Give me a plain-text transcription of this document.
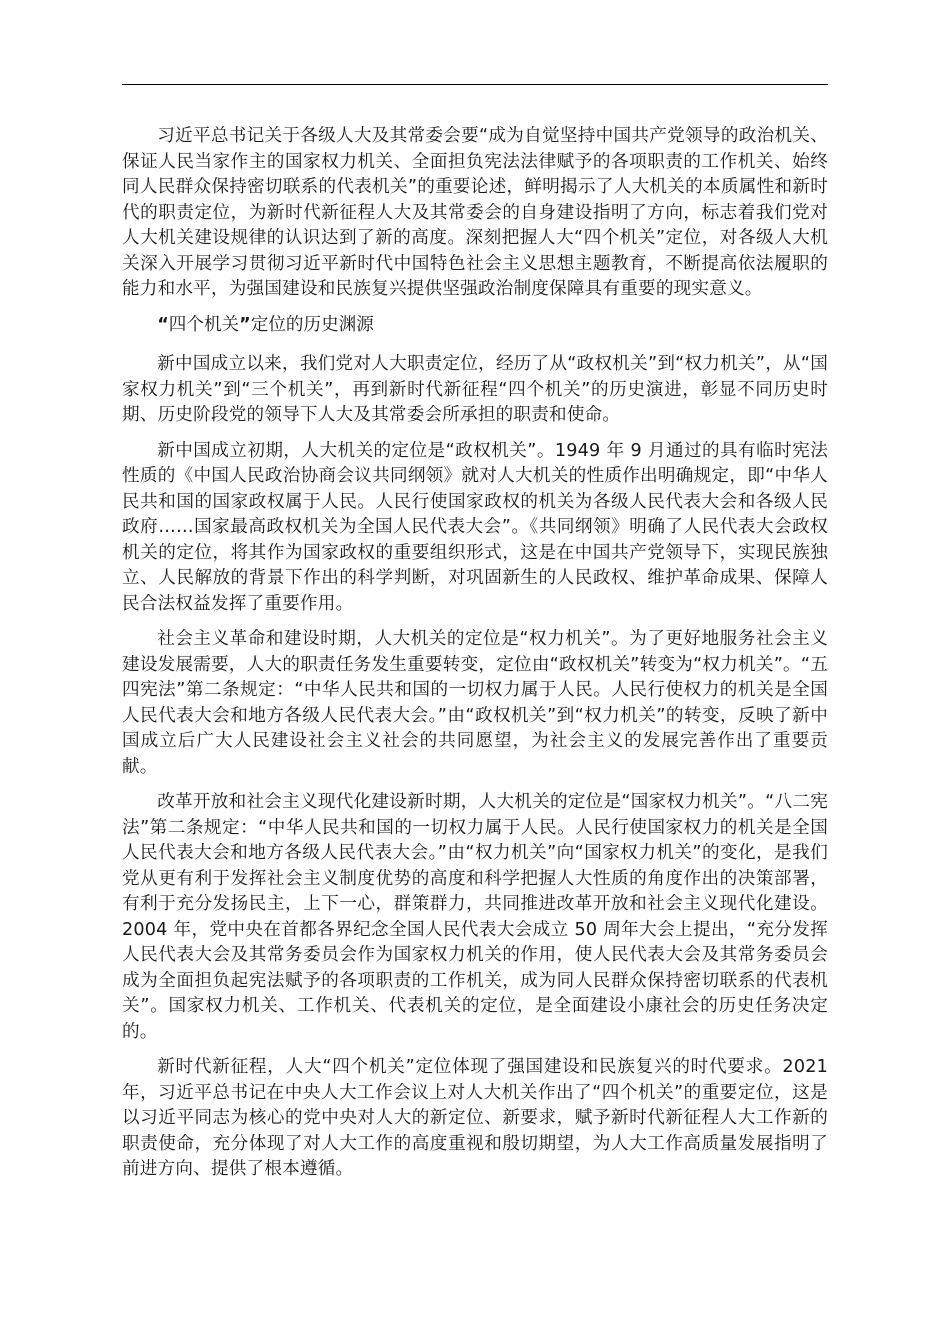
习近平总书记关于各级人大及其常委会要“成为自觉坚持中国共产党领导的政治机关、保证人民当家作主的国家权力机关、全面担负宪法法律赋予的各项职责的工作机关、始终同人民群众保持密切联系的代表机关”的重要论述，鲜明揭示了人大机关的本质属性和新时代的职责定位，为新时代新征程人大及其常委会的自身建设指明了方向，标志着我们党对人大机关建设规律的认识达到了新的高度。深刻把握人大“四个机关”定位，对各级人大机关深入开展学习贯彻习近平新时代中国特色社会主义思想主题教育，不断提高依法履职的能力和水平，为强国建设和民族复兴提供坚强政治制度保障具有重要的现实意义。

“四个机关”定位的历史渊源

新中国成立以来，我们党对人大职责定位，经历了从“政权机关”到“权力机关”，从“国家权力机关”到“三个机关”，再到新时代新征程“四个机关”的历史演进，彰显不同历史时期、历史阶段党的领导下人大及其常委会所承担的职责和使命。

新中国成立初期，人大机关的定位是“政权机关”。1949 年 9 月通过的具有临时宪法性质的《中国人民政治协商会议共同纲领》就对人大机关的性质作出明确规定，即“中华人民共和国的国家政权属于人民。人民行使国家政权的机关为各级人民代表大会和各级人民政府……国家最高政权机关为全国人民代表大会”。《共同纲领》明确了人民代表大会政权机关的定位，将其作为国家政权的重要组织形式，这是在中国共产党领导下，实现民族独立、人民解放的背景下作出的科学判断，对巩固新生的人民政权、维护革命成果、保障人民合法权益发挥了重要作用。

社会主义革命和建设时期，人大机关的定位是“权力机关”。为了更好地服务社会主义建设发展需要，人大的职责任务发生重要转变，定位由“政权机关”转变为“权力机关”。“五四宪法”第二条规定：“中华人民共和国的一切权力属于人民。人民行使权力的机关是全国人民代表大会和地方各级人民代表大会。”由“政权机关”到“权力机关”的转变，反映了新中国成立后广大人民建设社会主义社会的共同愿望，为社会主义的发展完善作出了重要贡献。

改革开放和社会主义现代化建设新时期，人大机关的定位是“国家权力机关”。“八二宪法”第二条规定：“中华人民共和国的一切权力属于人民。人民行使国家权力的机关是全国人民代表大会和地方各级人民代表大会。”由“权力机关”向“国家权力机关”的变化，是我们党从更有利于发挥社会主义制度优势的高度和科学把握人大性质的角度作出的决策部署，有利于充分发扬民主，上下一心，群策群力，共同推进改革开放和社会主义现代化建设。2004 年，党中央在首都各界纪念全国人民代表大会成立 50 周年大会上提出，“充分发挥人民代表大会及其常务委员会作为国家权力机关的作用，使人民代表大会及其常务委员会成为全面担负起宪法赋予的各项职责的工作机关，成为同人民群众保持密切联系的代表机关”。国家权力机关、工作机关、代表机关的定位，是全面建设小康社会的历史任务决定的。

新时代新征程，人大“四个机关”定位体现了强国建设和民族复兴的时代要求。2021 年，习近平总书记在中央人大工作会议上对人大机关作出了“四个机关”的重要定位，这是以习近平同志为核心的党中央对人大的新定位、新要求，赋予新时代新征程人大工作新的职责使命，充分体现了对人大工作的高度重视和殷切期望，为人大工作高质量发展指明了前进方向、提供了根本遵循。
